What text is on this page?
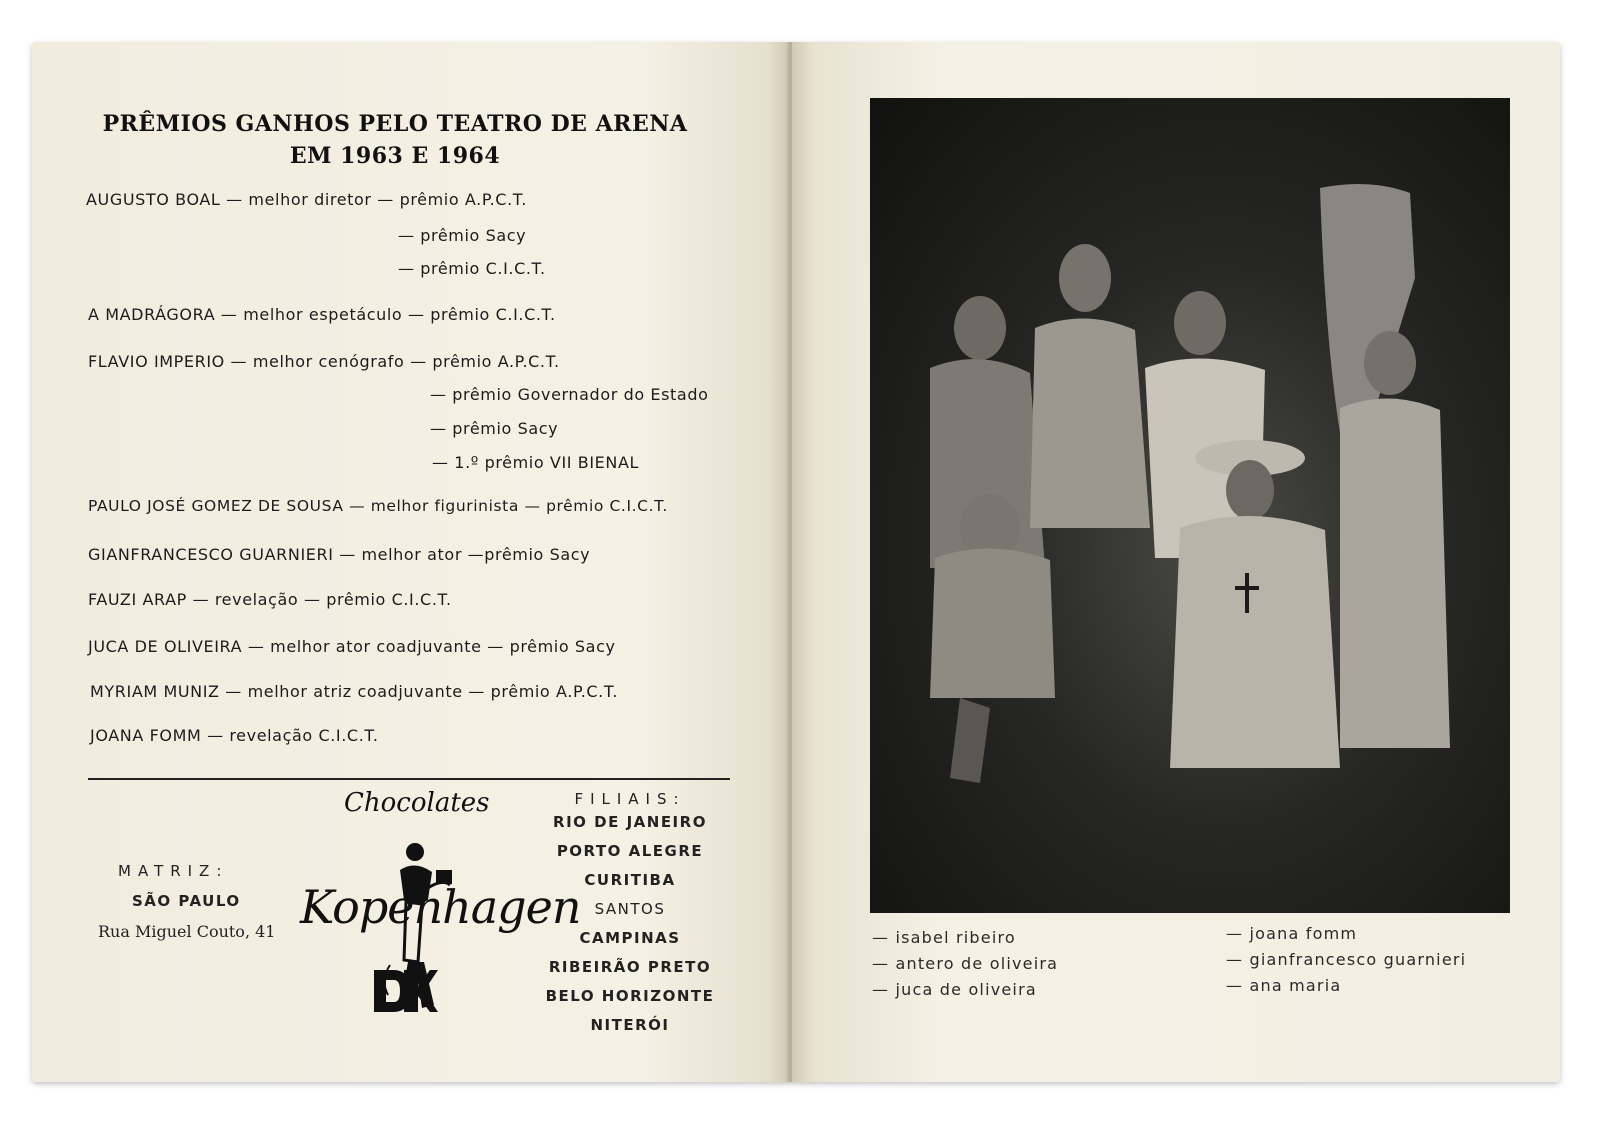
PRÊMIOS GANHOS PELO TEATRO DE ARENA
EM 1963 E 1964
AUGUSTO BOAL — melhor diretor — prêmio A.P.C.T.
— prêmio Sacy
— prêmio C.I.C.T.
A MADRÁGORA — melhor espetáculo — prêmio C.I.C.T.
FLAVIO IMPERIO — melhor cenógrafo — prêmio A.P.C.T.
— prêmio Governador do Estado
— prêmio Sacy
— 1.º prêmio VII BIENAL
PAULO JOSÉ GOMEZ DE SOUSA — melhor figurinista — prêmio C.I.C.T.
GIANFRANCESCO GUARNIERI — melhor ator —prêmio Sacy
FAUZI ARAP — revelação — prêmio C.I.C.T.
JUCA DE OLIVEIRA — melhor ator coadjuvante — prêmio Sacy
MYRIAM MUNIZ — melhor atriz coadjuvante — prêmio A.P.C.T.
JOANA FOMM — revelação C.I.C.T.
MATRIZ:
SÃO PAULO
Rua Miguel Couto, 41
Chocolates
Kopenhagen
FILIAIS:
RIO DE JANEIRO
PORTO ALEGRE
CURITIBA
SANTOS
CAMPINAS
RIBEIRÃO PRETO
BELO HORIZONTE
NITERÓI
— isabel ribeiro
— antero de oliveira
— juca de oliveira
— joana fomm
— gianfrancesco guarnieri
— ana maria
